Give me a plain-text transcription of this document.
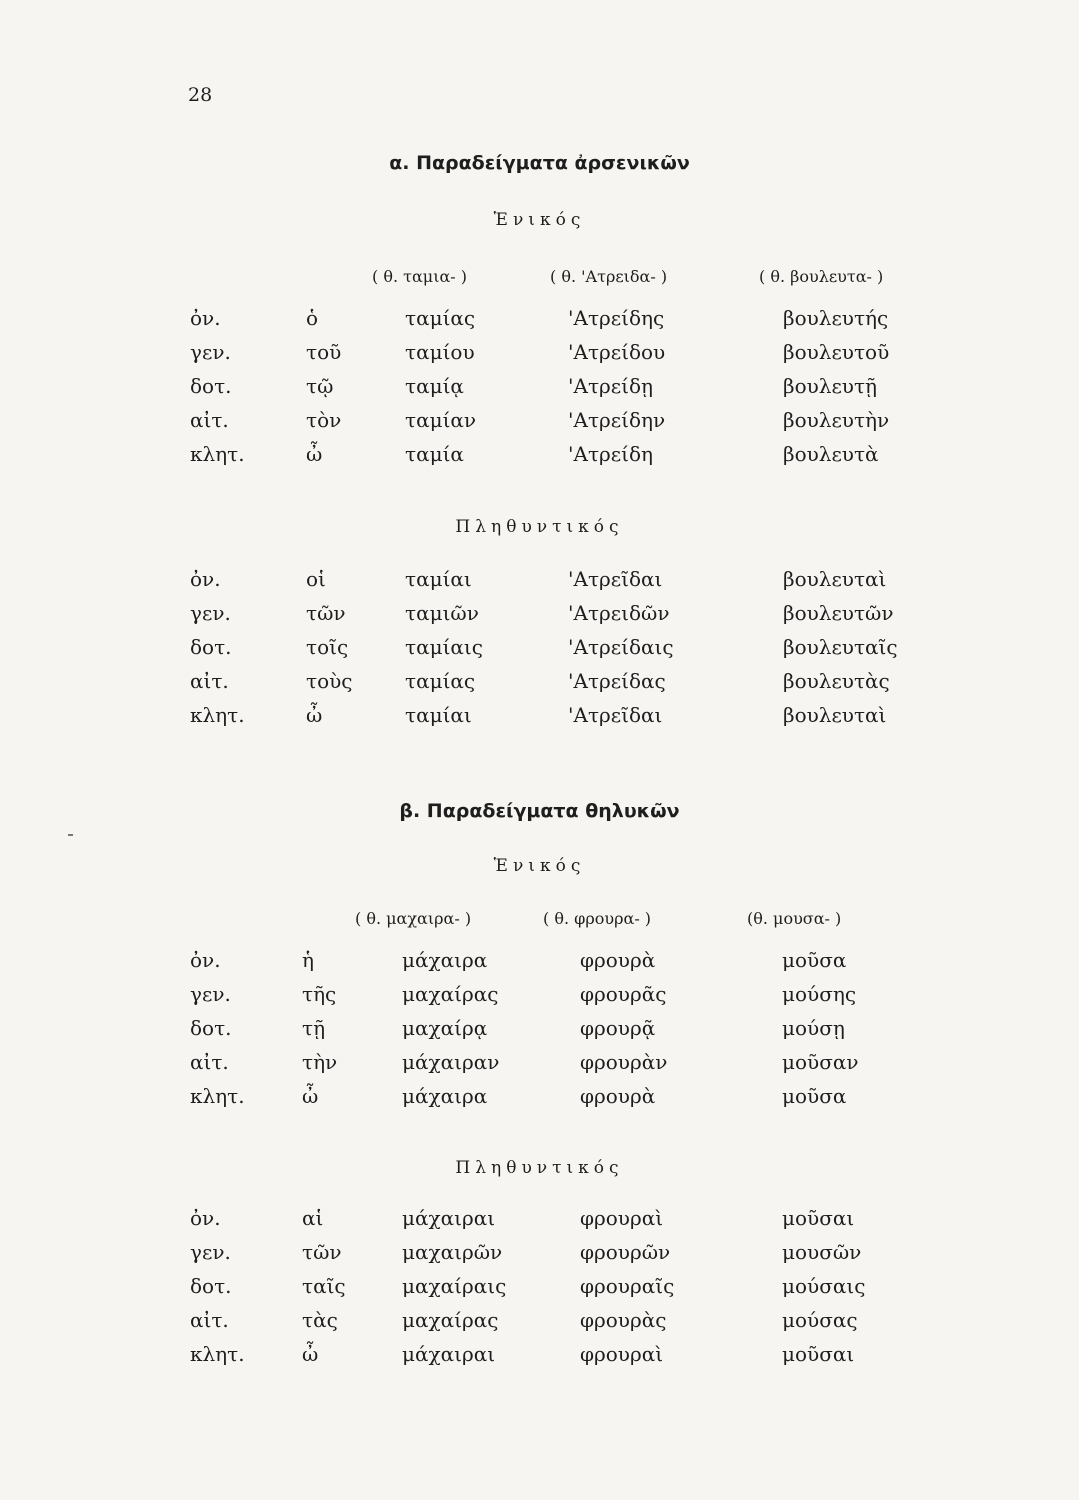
28
α. Παραδείγματα ἀρσενικῶν
Ἑνικός
( θ. ταμια- )	( θ. 'Ατρειδα- )	( θ. βουλευτα- )
ὀν.	ὁ	ταμίας	'Ατρείδης	βουλευτής
γεν.	τοῦ	ταμίου	'Ατρείδου	βουλευτοῦ
δοτ.	τῷ	ταμίᾳ	'Ατρείδῃ	βουλευτῇ
αἰτ.	τὸν	ταμίαν	'Ατρείδην	βουλευτὴν
κλητ.	ὦ	ταμία	'Ατρείδη	βουλευτὰ
Πληθυντικός
ὀν.	οἱ	ταμίαι	'Ατρεῖδαι	βουλευταὶ
γεν.	τῶν	ταμιῶν	'Ατρειδῶν	βουλευτῶν
δοτ.	τοῖς	ταμίαις	'Ατρείδαις	βουλευταῖς
αἰτ.	τοὺς	ταμίας	'Ατρείδας	βουλευτὰς
κλητ.	ὦ	ταμίαι	'Ατρεῖδαι	βουλευταὶ
β. Παραδείγματα θηλυκῶν
Ἑνικός
( θ. μαχαιρα- )	( θ. φρουρα- )	(θ. μουσα- )
ὀν.	ἡ	μάχαιρα	φρουρὰ	μοῦσα
γεν.	τῆς	μαχαίρας	φρουρᾶς	μούσης
δοτ.	τῇ	μαχαίρᾳ	φρουρᾷ	μούσῃ
αἰτ.	τὴν	μάχαιραν	φρουρὰν	μοῦσαν
κλητ.	ὦ	μάχαιρα	φρουρὰ	μοῦσα
Πληθυντικός
ὀν.	αἱ	μάχαιραι	φρουραὶ	μοῦσαι
γεν.	τῶν	μαχαιρῶν	φρουρῶν	μουσῶν
δοτ.	ταῖς	μαχαίραις	φρουραῖς	μούσαις
αἰτ.	τὰς	μαχαίρας	φρουρὰς	μούσας
κλητ.	ὦ	μάχαιραι	φρουραὶ	μοῦσαι
